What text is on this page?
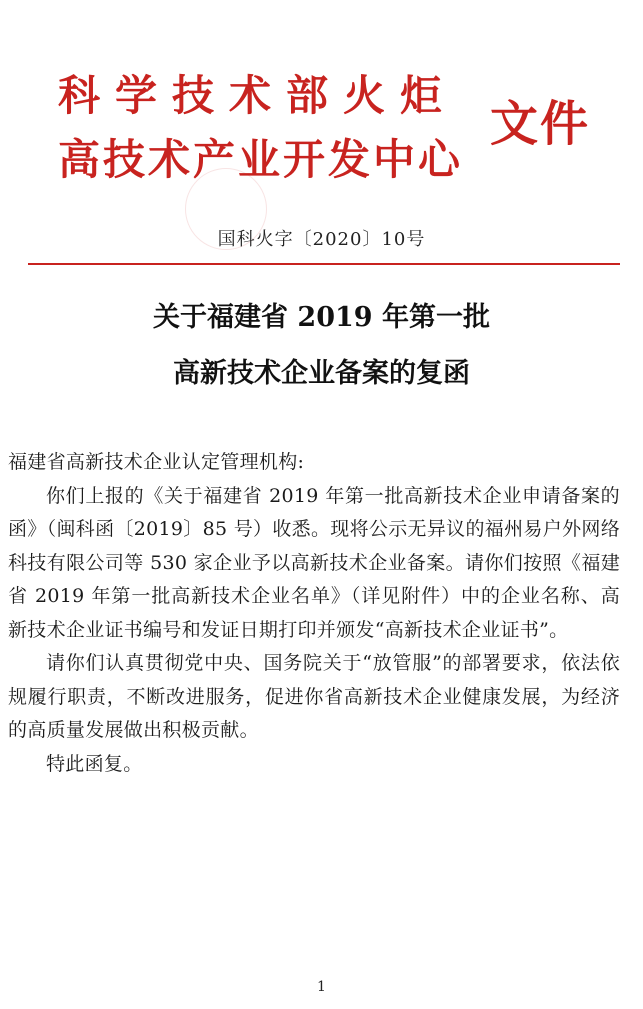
科学技术部火炬
高技术产业开发中心
文件
国科火字〔2020〕10号
关于福建省 2019 年第一批
高新技术企业备案的复函

福建省高新技术企业认定管理机构:

你们上报的《关于福建省 2019 年第一批高新技术企业申请备案的函》（闽科函〔2019〕85 号）收悉。现将公示无异议的福州易户外网络科技有限公司等 530 家企业予以高新技术企业备案。请你们按照《福建省 2019 年第一批高新技术企业名单》（详见附件）中的企业名称、高新技术企业证书编号和发证日期打印并颁发“高新技术企业证书”。

请你们认真贯彻党中央、国务院关于“放管服”的部署要求，依法依规履行职责，不断改进服务，促进你省高新技术企业健康发展，为经济的高质量发展做出积极贡献。

特此函复。

1
